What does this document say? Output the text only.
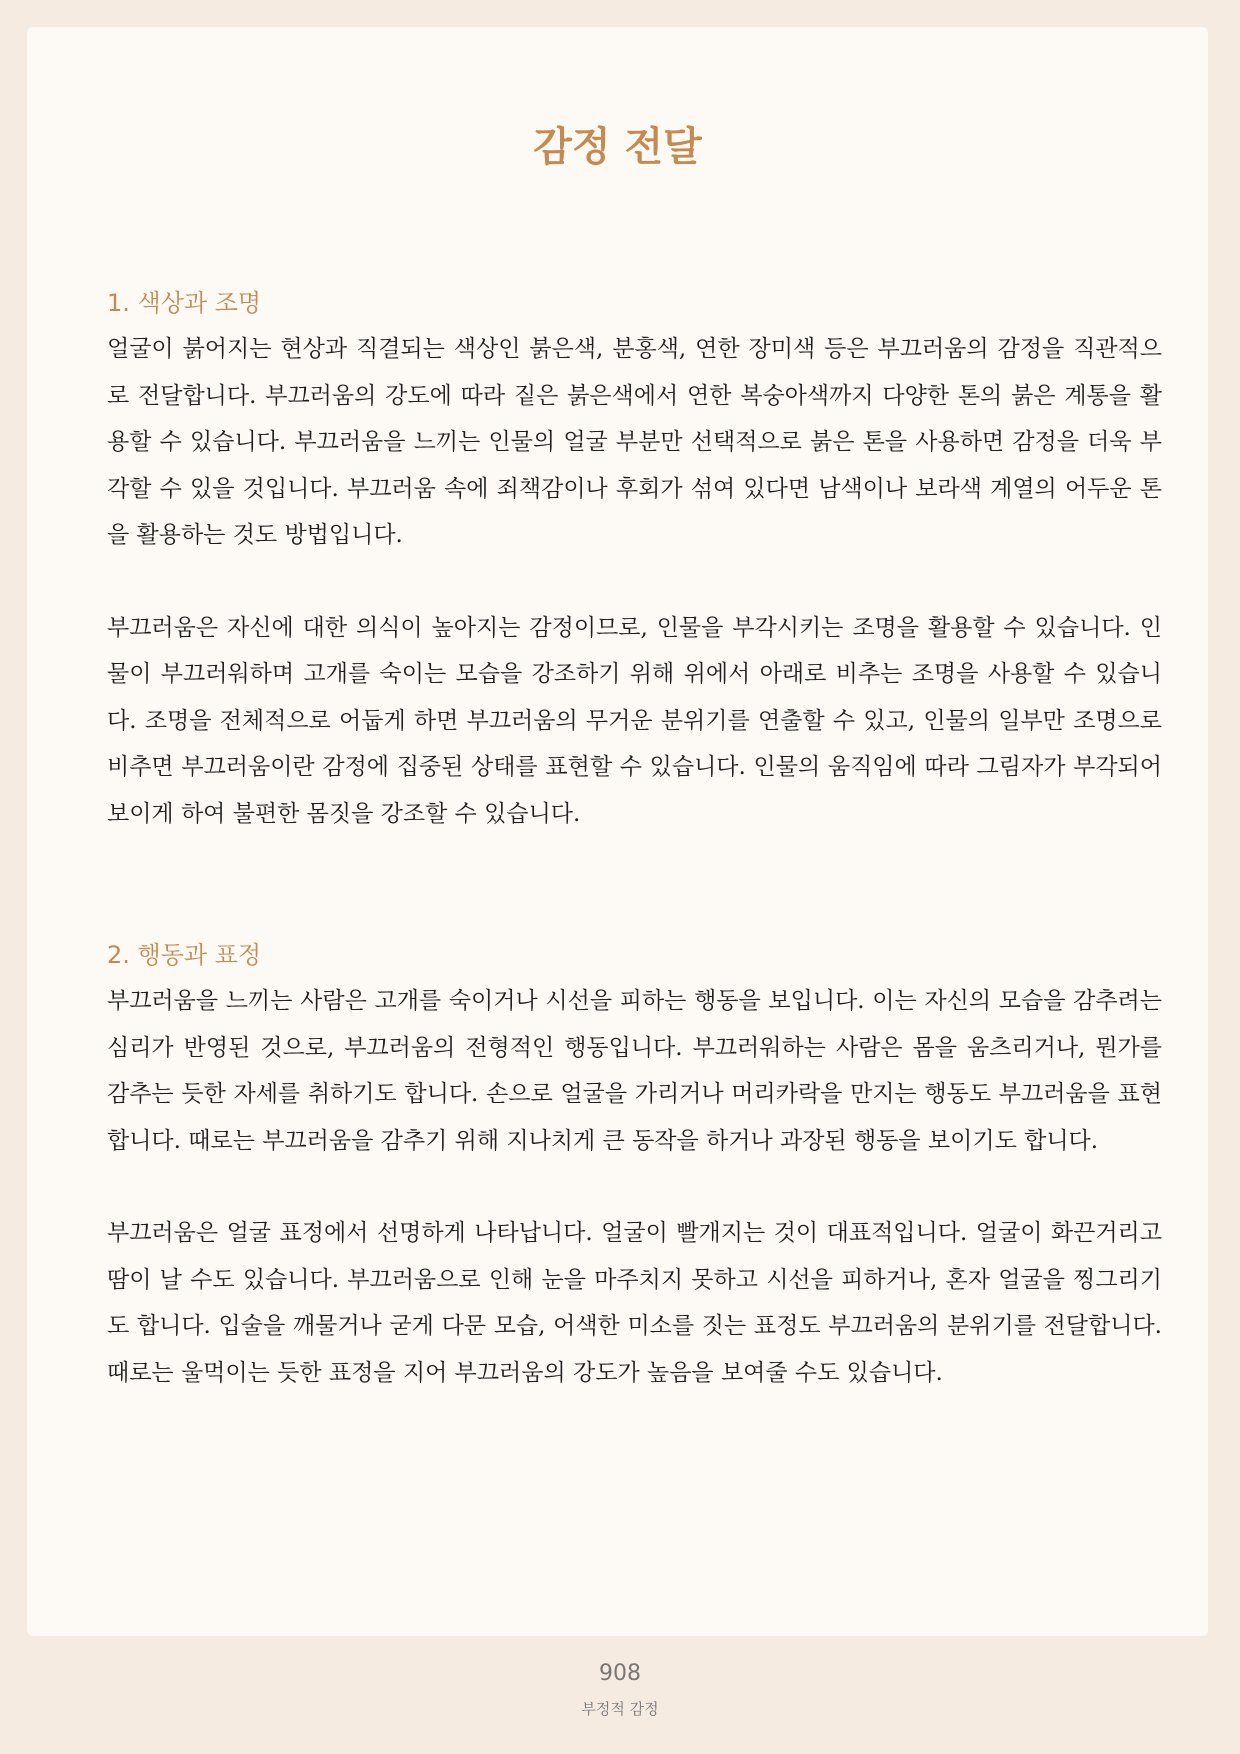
감정 전달
1. 색상과 조명

얼굴이 붉어지는 현상과 직결되는 색상인 붉은색, 분홍색, 연한 장미색 등은 부끄러움의 감정을 직관적으로 전달합니다. 부끄러움의 강도에 따라 짙은 붉은색에서 연한 복숭아색까지 다양한 톤의 붉은 계통을 활용할 수 있습니다. 부끄러움을 느끼는 인물의 얼굴 부분만 선택적으로 붉은 톤을 사용하면 감정을 더욱 부각할 수 있을 것입니다. 부끄러움 속에 죄책감이나 후회가 섞여 있다면 남색이나 보라색 계열의 어두운 톤을 활용하는 것도 방법입니다.

부끄러움은 자신에 대한 의식이 높아지는 감정이므로, 인물을 부각시키는 조명을 활용할 수 있습니다. 인물이 부끄러워하며 고개를 숙이는 모습을 강조하기 위해 위에서 아래로 비추는 조명을 사용할 수 있습니다. 조명을 전체적으로 어둡게 하면 부끄러움의 무거운 분위기를 연출할 수 있고, 인물의 일부만 조명으로 비추면 부끄러움이란 감정에 집중된 상태를 표현할 수 있습니다. 인물의 움직임에 따라 그림자가 부각되어 보이게 하여 불편한 몸짓을 강조할 수 있습니다.

2. 행동과 표정

부끄러움을 느끼는 사람은 고개를 숙이거나 시선을 피하는 행동을 보입니다. 이는 자신의 모습을 감추려는 심리가 반영된 것으로, 부끄러움의 전형적인 행동입니다. 부끄러워하는 사람은 몸을 움츠리거나, 뭔가를 감추는 듯한 자세를 취하기도 합니다. 손으로 얼굴을 가리거나 머리카락을 만지는 행동도 부끄러움을 표현합니다. 때로는 부끄러움을 감추기 위해 지나치게 큰 동작을 하거나 과장된 행동을 보이기도 합니다.

부끄러움은 얼굴 표정에서 선명하게 나타납니다. 얼굴이 빨개지는 것이 대표적입니다. 얼굴이 화끈거리고 땀이 날 수도 있습니다. 부끄러움으로 인해 눈을 마주치지 못하고 시선을 피하거나, 혼자 얼굴을 찡그리기도 합니다. 입술을 깨물거나 굳게 다문 모습, 어색한 미소를 짓는 표정도 부끄러움의 분위기를 전달합니다. 때로는 울먹이는 듯한 표정을 지어 부끄러움의 강도가 높음을 보여줄 수도 있습니다.

908
부정적 감정
